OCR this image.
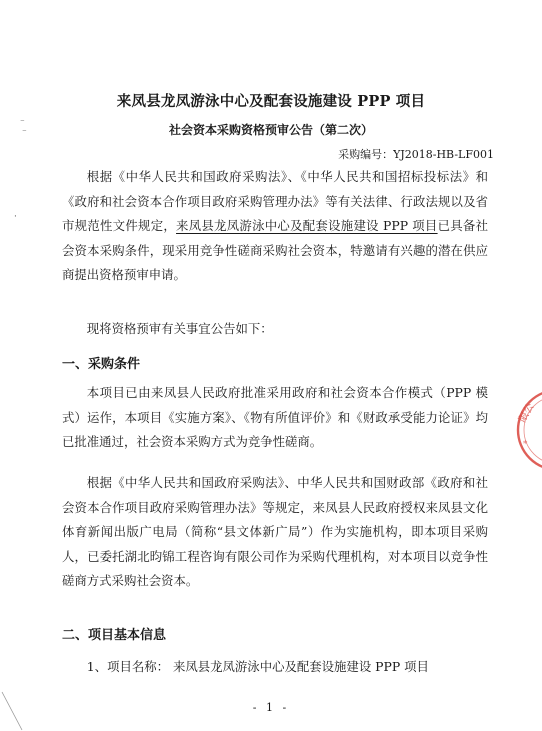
⁻
⁻
·
来凤县龙凤游泳中心及配套设施建设 PPP 项目
社会资本采购资格预审公告（第二次）
采购编号：YJ2018-HB-LF001

根据《中华人民共和国政府采购法》、《中华人民共和国招标投标法》和《政府和社会资本合作项目政府采购管理办法》等有关法律、行政法规以及省市规范性文件规定，来凤县龙凤游泳中心及配套设施建设 PPP 项目已具备社会资本采购条件，现采用竞争性磋商采购社会资本，特邀请有兴趣的潜在供应商提出资格预审申请。

现将资格预审有关事宜公告如下：

一、采购条件

本项目已由来凤县人民政府批准采用政府和社会资本合作模式（PPP 模式）运作，本项目《实施方案》、《物有所值评价》和《财政承受能力论证》均已批准通过，社会资本采购方式为竞争性磋商。

根据《中华人民共和国政府采购法》、中华人民共和国财政部《政府和社会资本合作项目政府采购管理办法》等规定，来凤县人民政府授权来凤县文化体育新闻出版广电局（简称“县文体新广局”）作为实施机构，即本项目采购人，已委托湖北昀锦工程咨询有限公司作为采购代理机构，对本项目以竞争性磋商方式采购社会资本。

二、项目基本信息

1、项目名称： 来凤县龙凤游泳中心及配套设施建设 PPP 项目

- 1 -
限公
∗
